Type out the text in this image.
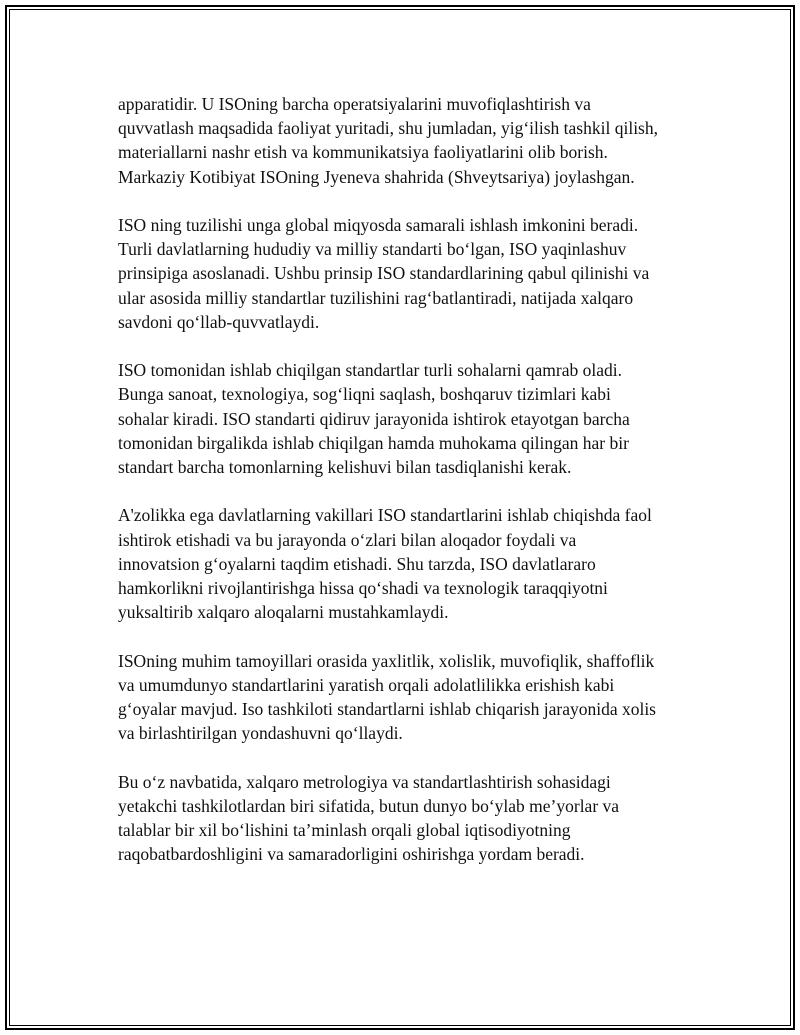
apparatidir. U ISOning barcha operatsiyalarini muvofiqlashtirish va
quvvatlash maqsadida faoliyat yuritadi, shu jumladan, yig‘ilish tashkil qilish,
materiallarni nashr etish va kommunikatsiya faoliyatlarini olib borish.
Markaziy Kotibiyat ISOning Jyeneva shahrida (Shveytsariya) joylashgan.

ISO ning tuzilishi unga global miqyosda samarali ishlash imkonini beradi.
Turli davlatlarning hududiy va milliy standarti bo‘lgan, ISO yaqinlashuv
prinsipiga asoslanadi. Ushbu prinsip ISO standardlarining qabul qilinishi va
ular asosida milliy standartlar tuzilishini rag‘batlantiradi, natijada xalqaro
savdoni qo‘llab-quvvatlaydi.

ISO tomonidan ishlab chiqilgan standartlar turli sohalarni qamrab oladi.
Bunga sanoat, texnologiya, sog‘liqni saqlash, boshqaruv tizimlari kabi
sohalar kiradi. ISO standarti qidiruv jarayonida ishtirok etayotgan barcha
tomonidan birgalikda ishlab chiqilgan hamda muhokama qilingan har bir
standart barcha tomonlarning kelishuvi bilan tasdiqlanishi kerak.

A'zolikka ega davlatlarning vakillari ISO standartlarini ishlab chiqishda faol
ishtirok etishadi va bu jarayonda o‘zlari bilan aloqador foydali va
innovatsion g‘oyalarni taqdim etishadi. Shu tarzda, ISO davlatlararo
hamkorlikni rivojlantirishga hissa qo‘shadi va texnologik taraqqiyotni
yuksaltirib xalqaro aloqalarni mustahkamlaydi.

ISOning muhim tamoyillari orasida yaxlitlik, xolislik, muvofiqlik, shaffoflik
va umumdunyo standartlarini yaratish orqali adolatlilikka erishish kabi
g‘oyalar mavjud. Iso tashkiloti standartlarni ishlab chiqarish jarayonida xolis
va birlashtirilgan yondashuvni qo‘llaydi.

Bu o‘z navbatida, xalqaro metrologiya va standartlashtirish sohasidagi
yetakchi tashkilotlardan biri sifatida, butun dunyo bo‘ylab me’yorlar va
talablar bir xil bo‘lishini ta’minlash orqali global iqtisodiyotning
raqobatbardoshligini va samaradorligini oshirishga yordam beradi.
